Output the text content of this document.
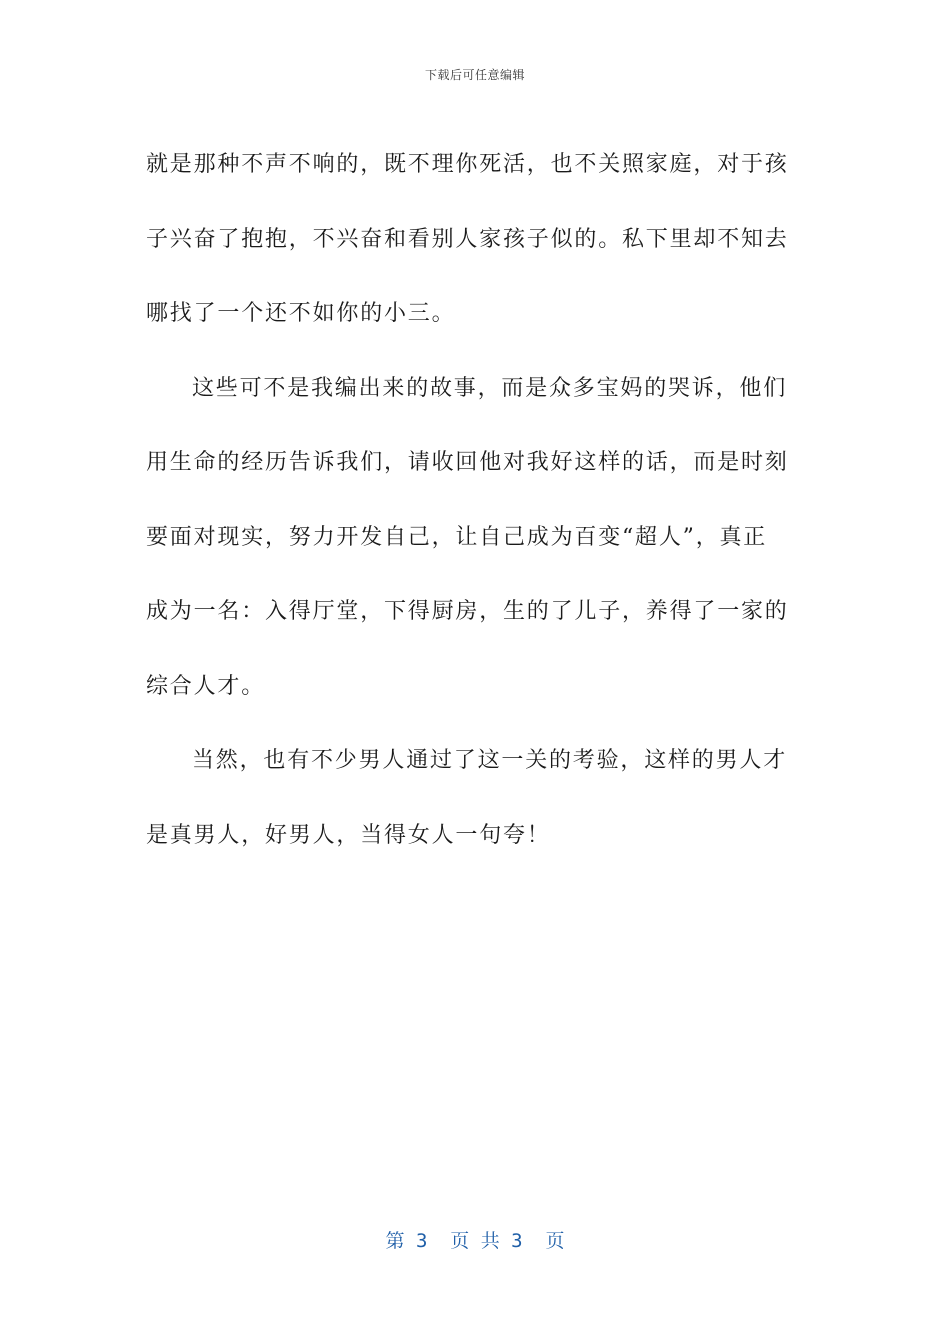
下载后可任意编辑

就是那种不声不响的，既不理你死活，也不关照家庭，对于孩
子兴奋了抱抱，不兴奋和看别人家孩子似的。私下里却不知去
哪找了一个还不如你的小三。

这些可不是我编出来的故事，而是众多宝妈的哭诉，他们
用生命的经历告诉我们，请收回他对我好这样的话，而是时刻
要面对现实，努力开发自己，让自己成为百变“超人”，真正
成为一名：入得厅堂，下得厨房，生的了儿子，养得了一家的
综合人才。

当然，也有不少男人通过了这一关的考验，这样的男人才
是真男人，好男人，当得女人一句夸！

第 3  页 共 3  页
